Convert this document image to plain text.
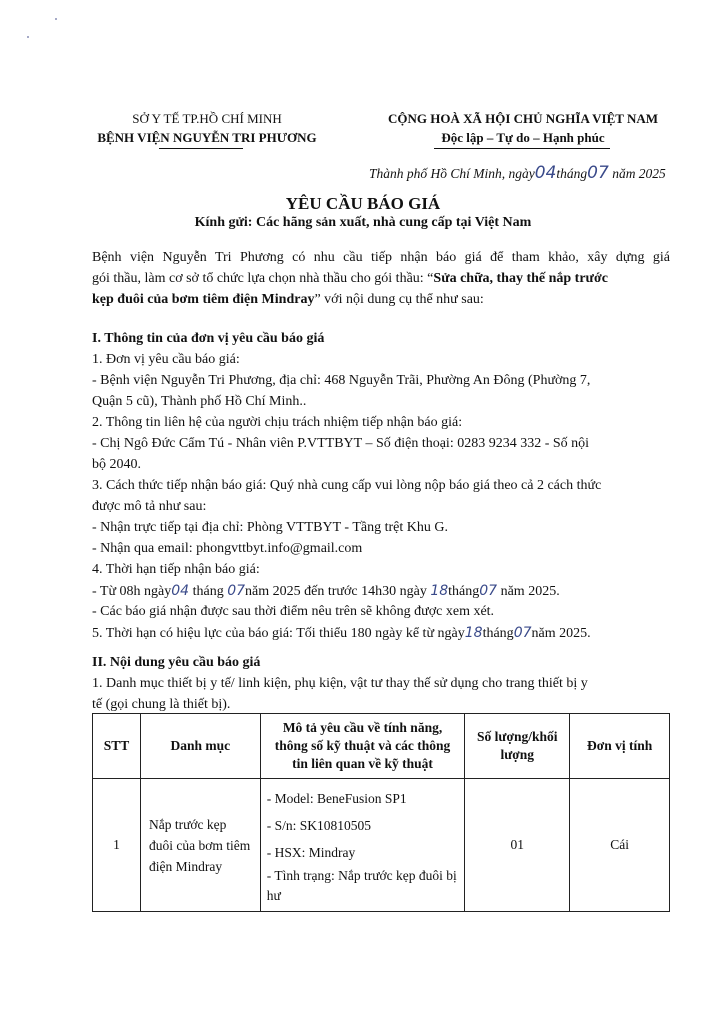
SỞ Y TẾ TP.HỒ CHÍ MINH
BỆNH VIỆN NGUYỄN TRI PHƯƠNG
CỘNG HOÀ XÃ HỘI CHỦ NGHĨA VIỆT NAM
Độc lập – Tự do – Hạnh phúc
Thành phố Hồ Chí Minh, ngày04tháng07 năm 2025
YÊU CẦU BÁO GIÁ
Kính gửi: Các hãng sản xuất, nhà cung cấp tại Việt Nam
Bệnh viện Nguyễn Tri Phương có nhu cầu tiếp nhận báo giá để tham khảo, xây dựng giá
gói thầu, làm cơ sở tổ chức lựa chọn nhà thầu cho gói thầu: “Sửa chữa, thay thế nắp trước
kẹp đuôi của bơm tiêm điện Mindray” với nội dung cụ thể như sau:
I. Thông tin của đơn vị yêu cầu báo giá
1. Đơn vị yêu cầu báo giá:
- Bệnh viện Nguyễn Tri Phương, địa chỉ: 468 Nguyễn Trãi, Phường An Đông (Phường 7,
Quận 5 cũ), Thành phố Hồ Chí Minh..
2. Thông tin liên hệ của người chịu trách nhiệm tiếp nhận báo giá:
- Chị Ngô Đức Cẩm Tú - Nhân viên P.VTTBYT – Số điện thoại: 0283 9234 332 - Số nội
bộ 2040.
3. Cách thức tiếp nhận báo giá: Quý nhà cung cấp vui lòng nộp báo giá theo cả 2 cách thức
được mô tả như sau:
- Nhận trực tiếp tại địa chỉ: Phòng VTTBYT - Tầng trệt Khu G.
- Nhận qua email: phongvttbyt.info@gmail.com
4. Thời hạn tiếp nhận báo giá:
- Từ 08h ngày04 tháng 07năm 2025 đến trước 14h30 ngày 18tháng07 năm 2025.
- Các báo giá nhận được sau thời điểm nêu trên sẽ không được xem xét.
5. Thời hạn có hiệu lực của báo giá: Tối thiểu 180 ngày kể từ ngày18tháng07năm 2025.
II. Nội dung yêu cầu báo giá
1. Danh mục thiết bị y tế/ linh kiện, phụ kiện, vật tư thay thế sử dụng cho trang thiết bị y
tế (gọi chung là thiết bị).
STT	Danh mục	Mô tả yêu cầu về tính năng, thông số kỹ thuật và các thông tin liên quan về kỹ thuật	Số lượng/khối lượng	Đơn vị tính
1	Nắp trước kẹp đuôi của bơm tiêm điện Mindray	- Model: BeneFusion SP1
- S/n: SK10810505
- HSX: Mindray
- Tình trạng: Nắp trước kẹp đuôi bị hư	01	Cái
